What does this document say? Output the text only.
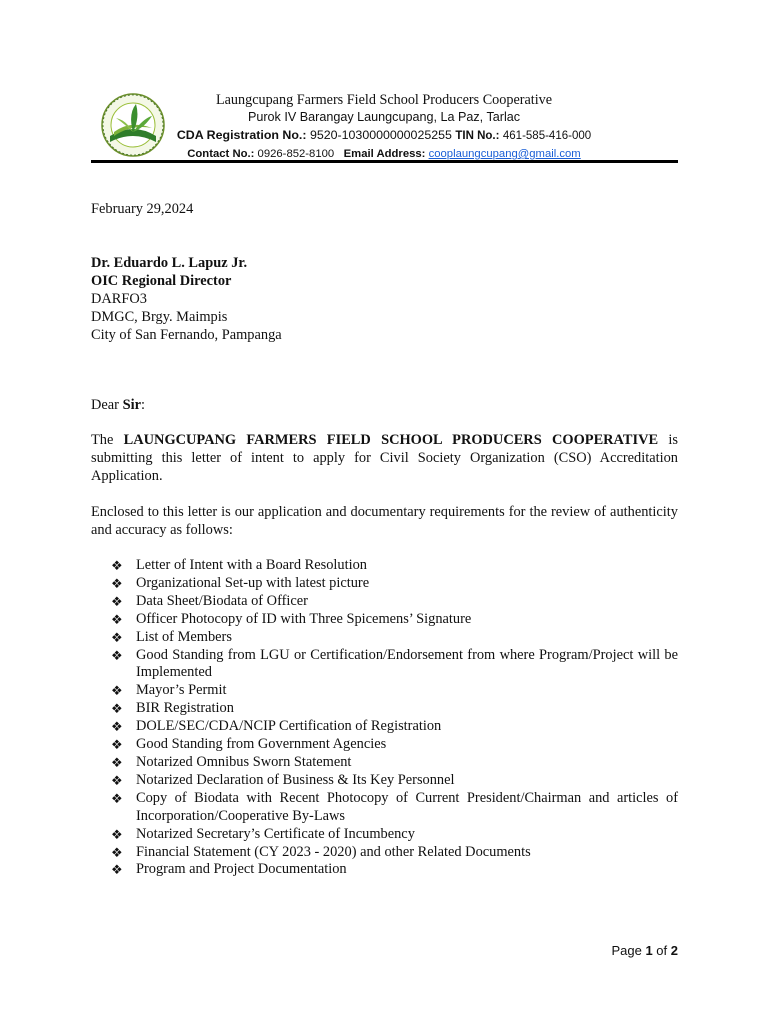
Laungcupang Farmers Field School Producers Cooperative
Purok IV Barangay Laungcupang, La Paz, Tarlac
CDA Registration No.: 9520-1030000000025255 TIN No.: 461-585-416-000
Contact No.: 0926-852-8100 Email Address: cooplaungcupang@gmail.com
February 29,2024
Dr. Eduardo L. Lapuz Jr.
OIC Regional Director
DARFO3
DMGC, Brgy. Maimpis
City of San Fernando, Pampanga
Dear Sir:
The LAUNGCUPANG FARMERS FIELD SCHOOL PRODUCERS COOPERATIVE is submitting this letter of intent to apply for Civil Society Organization (CSO) Accreditation Application.
Enclosed to this letter is our application and documentary requirements for the review of authenticity and accuracy as follows:
❖ Letter of Intent with a Board Resolution
❖ Organizational Set-up with latest picture
❖ Data Sheet/Biodata of Officer
❖ Officer Photocopy of ID with Three Spicemens’ Signature
❖ List of Members
❖ Good Standing from LGU or Certification/Endorsement from where Program/Project will be Implemented
❖ Mayor’s Permit
❖ BIR Registration
❖ DOLE/SEC/CDA/NCIP Certification of Registration
❖ Good Standing from Government Agencies
❖ Notarized Omnibus Sworn Statement
❖ Notarized Declaration of Business & Its Key Personnel
❖ Copy of Biodata with Recent Photocopy of Current President/Chairman and articles of Incorporation/Cooperative By-Laws
❖ Notarized Secretary’s Certificate of Incumbency
❖ Financial Statement (CY 2023 - 2020) and other Related Documents
❖ Program and Project Documentation
Page 1 of 2
